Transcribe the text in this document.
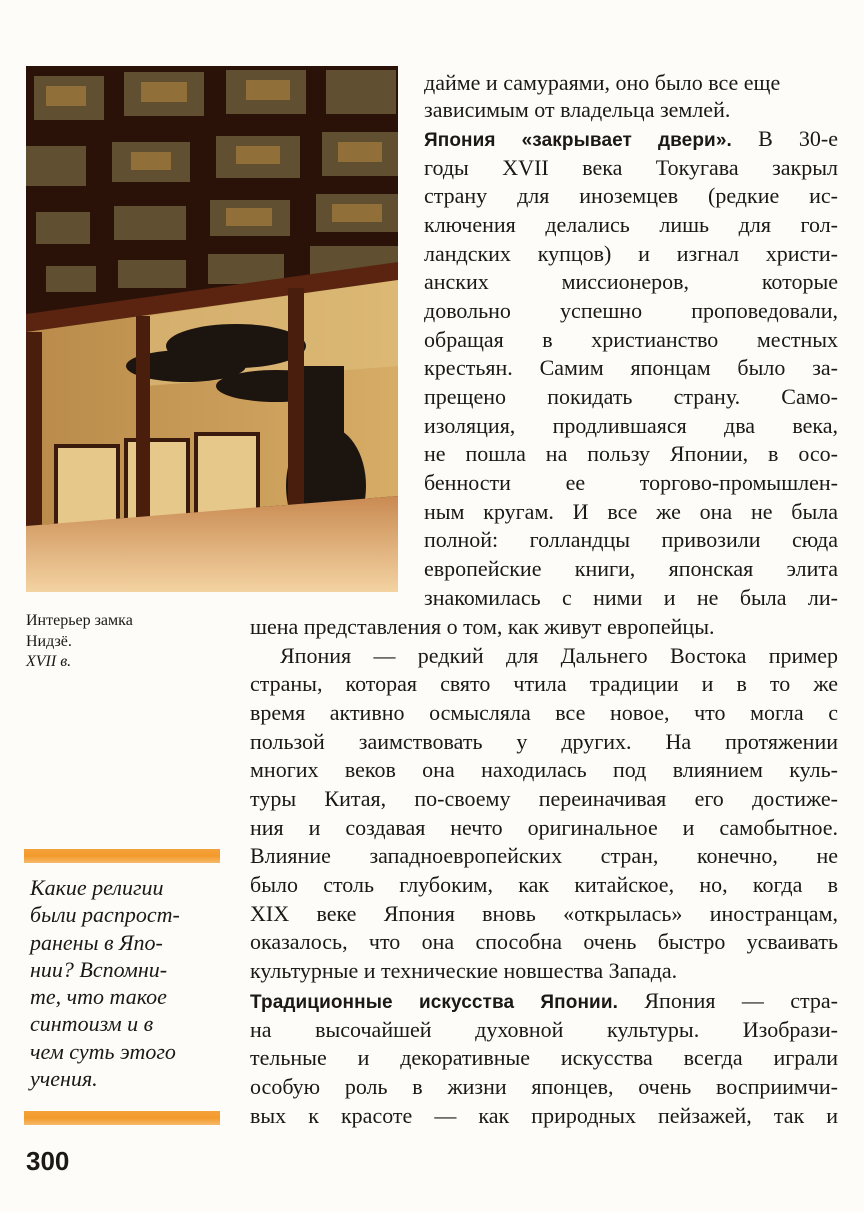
Интерьер замка
Нидзё.
XVII в.
Какие религии
были распрост-
ранены в Япо-
нии? Вспомни-
те, что такое
синтоизм и в
чем суть этого
учения.
300
дайме и самураями, оно было все еще
зависимым от владельца землей.
Япония «закрывает двери». В 30-е
годы XVII века Токугава закрыл
страну для иноземцев (редкие ис-
ключения делались лишь для гол-
ландских купцов) и изгнал христи-
анских миссионеров, которые
довольно успешно проповедовали,
обращая в христианство местных
крестьян. Самим японцам было за-
прещено покидать страну. Само-
изоляция, продлившаяся два века,
не пошла на пользу Японии, в осо-
бенности ее торгово-промышлен-
ным кругам. И все же она не была
полной: голландцы привозили сюда
европейские книги, японская элита
знакомилась с ними и не была ли-
шена представления о том, как живут европейцы.
Япония — редкий для Дальнего Востока пример
страны, которая свято чтила традиции и в то же
время активно осмысляла все новое, что могла с
пользой заимствовать у других. На протяжении
многих веков она находилась под влиянием куль-
туры Китая, по-своему переиначивая его достиже-
ния и создавая нечто оригинальное и самобытное.
Влияние западноевропейских стран, конечно, не
было столь глубоким, как китайское, но, когда в
XIX веке Япония вновь «открылась» иностранцам,
оказалось, что она способна очень быстро усваивать
культурные и технические новшества Запада.
Традиционные искусства Японии. Япония — стра-
на высочайшей духовной культуры. Изобрази-
тельные и декоративные искусства всегда играли
особую роль в жизни японцев, очень восприимчи-
вых к красоте — как природных пейзажей, так и
